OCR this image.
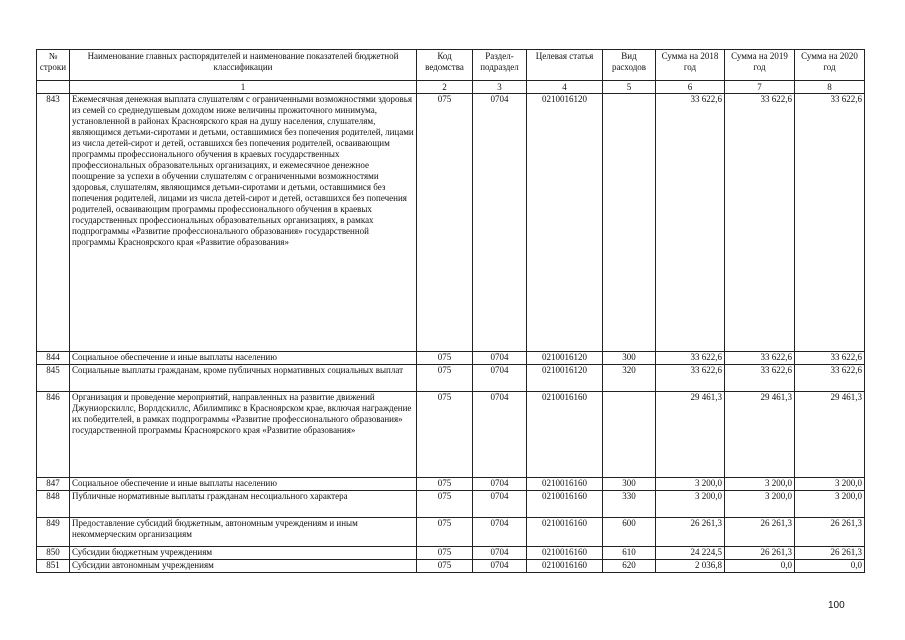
№ строки	Наименование главных распорядителей и наименование показателей бюджетной классификации	Код ведомства	Раздел-подраздел	Целевая статья	Вид расходов	Сумма на 2018 год	Сумма на 2019 год	Сумма на 2020 год
	1	2	3	4	5	6	7	8
843	Ежемесячная денежная выплата слушателям с ограниченными возможностями здоровья из семей со среднедушевым доходом ниже величины прожиточного минимума, установленной в районах Красноярского края на душу населения, слушателям, являющимся детьми-сиротами и детьми, оставшимися без попечения родителей, лицами из числа детей-сирот и детей, оставшихся без попечения родителей, осваивающим программы профессионального обучения в краевых государственных профессиональных образовательных организациях, и ежемесячное денежное поощрение за успехи в обучении слушателям с ограниченными возможностями здоровья, слушателям, являющимся детьми-сиротами и детьми, оставшимися без попечения родителей, лицами из числа детей-сирот и детей, оставшихся без попечения родителей, осваивающим программы профессионального обучения в краевых государственных профессиональных образовательных организациях, в рамках подпрограммы «Развитие профессионального образования» государственной программы Красноярского края «Развитие образования»	075	0704	0210016120		33 622,6	33 622,6	33 622,6
844	Социальное обеспечение и иные выплаты населению	075	0704	0210016120	300	33 622,6	33 622,6	33 622,6
845	Социальные выплаты гражданам, кроме публичных нормативных социальных выплат	075	0704	0210016120	320	33 622,6	33 622,6	33 622,6
846	Организация и проведение мероприятий, направленных на развитие движений Джуниорскиллс, Ворлдскиллс, Абилимпикс в Красноярском крае, включая награждение их победителей, в рамках подпрограммы «Развитие профессионального образования» государственной программы Красноярского края «Развитие образования»	075	0704	0210016160		29 461,3	29 461,3	29 461,3
847	Социальное обеспечение и иные выплаты населению	075	0704	0210016160	300	3 200,0	3 200,0	3 200,0
848	Публичные нормативные выплаты гражданам несоциального характера	075	0704	0210016160	330	3 200,0	3 200,0	3 200,0
849	Предоставление субсидий бюджетным, автономным учреждениям и иным некоммерческим организациям	075	0704	0210016160	600	26 261,3	26 261,3	26 261,3
850	Субсидии бюджетным учреждениям	075	0704	0210016160	610	24 224,5	26 261,3	26 261,3
851	Субсидии автономным учреждениям	075	0704	0210016160	620	2 036,8	0,0	0,0
100
